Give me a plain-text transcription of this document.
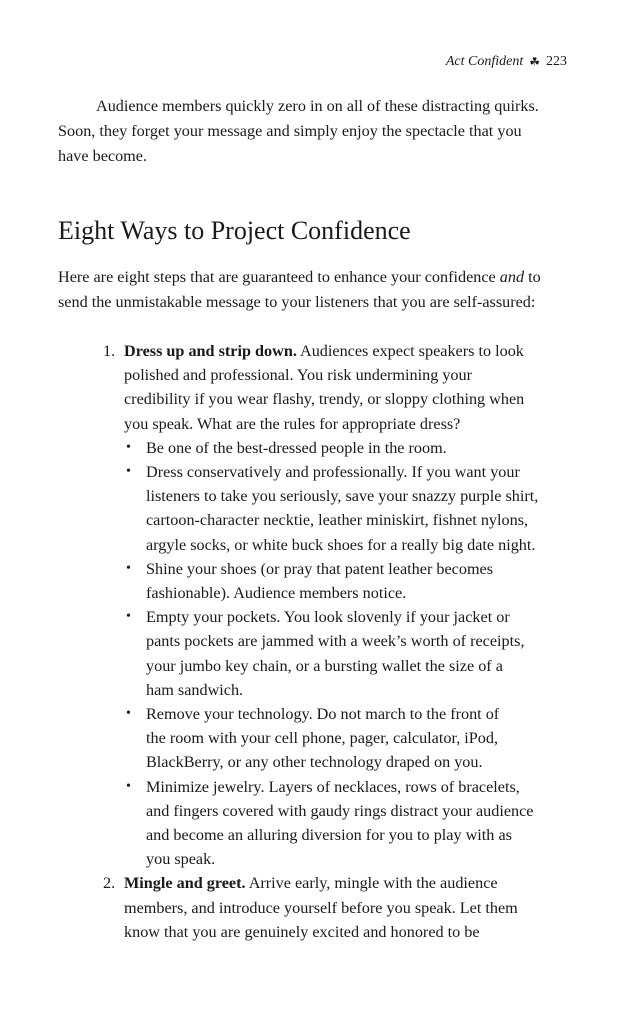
Act Confident ☘ 223

Audience members quickly zero in on all of these distracting quirks.
Soon, they forget your message and simply enjoy the spectacle that you
have become.

Eight Ways to Project Confidence

Here are eight steps that are guaranteed to enhance your confidence and to
send the unmistakable message to your listeners that you are self-assured:

1. Dress up and strip down. Audiences expect speakers to look
polished and professional. You risk undermining your
credibility if you wear flashy, trendy, or sloppy clothing when
you speak. What are the rules for appropriate dress?
• Be one of the best-dressed people in the room.
• Dress conservatively and professionally. If you want your
listeners to take you seriously, save your snazzy purple shirt,
cartoon-character necktie, leather miniskirt, fishnet nylons,
argyle socks, or white buck shoes for a really big date night.
• Shine your shoes (or pray that patent leather becomes
fashionable). Audience members notice.
• Empty your pockets. You look slovenly if your jacket or
pants pockets are jammed with a week’s worth of receipts,
your jumbo key chain, or a bursting wallet the size of a
ham sandwich.
• Remove your technology. Do not march to the front of
the room with your cell phone, pager, calculator, iPod,
BlackBerry, or any other technology draped on you.
• Minimize jewelry. Layers of necklaces, rows of bracelets,
and fingers covered with gaudy rings distract your audience
and become an alluring diversion for you to play with as
you speak.
2. Mingle and greet. Arrive early, mingle with the audience
members, and introduce yourself before you speak. Let them
know that you are genuinely excited and honored to be
